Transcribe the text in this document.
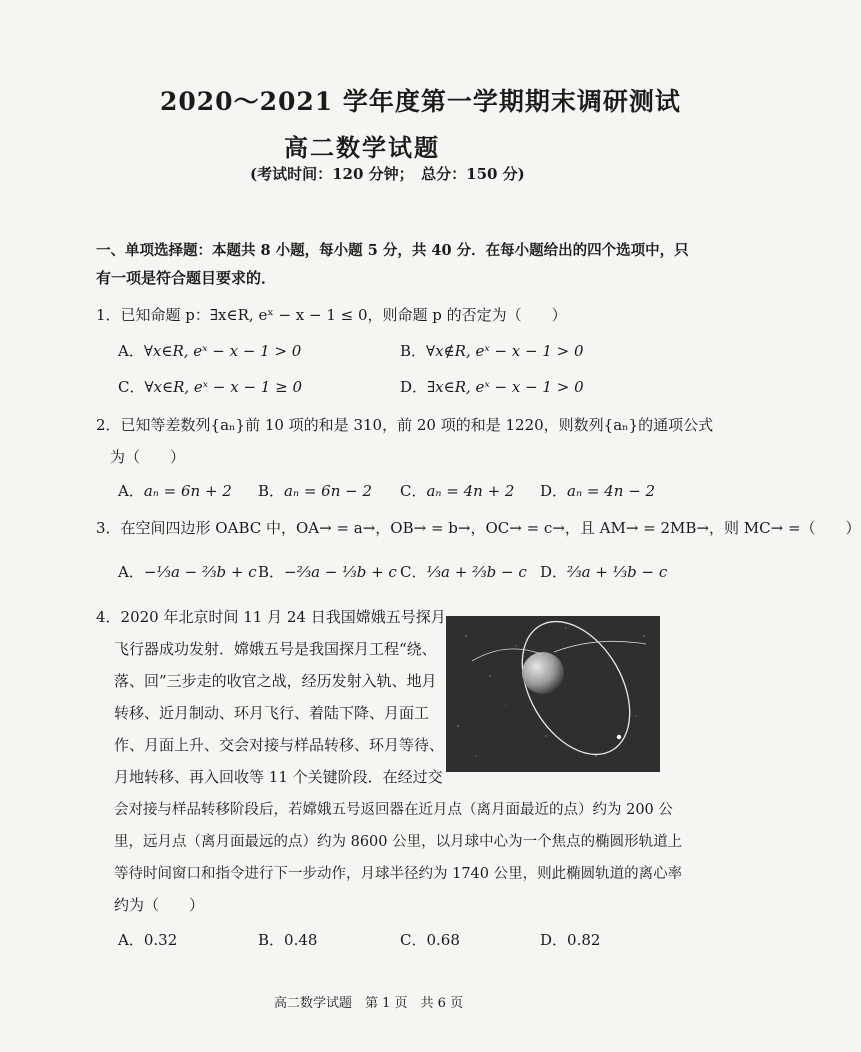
2020～2021 学年度第一学期期末调研测试
高二数学试题
(考试时间：120 分钟；　总分：150 分)
一、单项选择题：本题共 8 小题，每小题 5 分，共 40 分．在每小题给出的四个选项中，只
有一项是符合题目要求的．
1．已知命题 p：∃x∈R, eˣ − x − 1 ≤ 0，则命题 p 的否定为（　　）
A．∀x∈R, eˣ − x − 1 > 0	B．∀x∉R, eˣ − x − 1 > 0
C．∀x∈R, eˣ − x − 1 ≥ 0	D．∃x∈R, eˣ − x − 1 > 0
2．已知等差数列{aₙ}前 10 项的和是 310，前 20 项的和是 1220，则数列{aₙ}的通项公式
为（　　）
A．aₙ = 6n + 2 B．aₙ = 6n − 2 C．aₙ = 4n + 2 D．aₙ = 4n − 2
3．在空间四边形 OABC 中，OA→ = a→，OB→ = b→，OC→ = c→，且 AM→ = 2MB→，则 MC→ =（　　）
A．−⅓a − ⅔b + c B．−⅔a − ⅓b + c C．⅓a + ⅔b − c D．⅔a + ⅓b − c
4．2020 年北京时间 11 月 24 日我国嫦娥五号探月
飞行器成功发射．嫦娥五号是我国探月工程“绕、
落、回”三步走的收官之战，经历发射入轨、地月
转移、近月制动、环月飞行、着陆下降、月面工
作、月面上升、交会对接与样品转移、环月等待、
月地转移、再入回收等 11 个关键阶段．在经过交
会对接与样品转移阶段后，若嫦娥五号返回器在近月点（离月面最近的点）约为 200 公
里，远月点（离月面最远的点）约为 8600 公里，以月球中心为一个焦点的椭圆形轨道上
等待时间窗口和指令进行下一步动作，月球半径约为 1740 公里，则此椭圆轨道的离心率
约为（　　）
A．0.32	B．0.48	C．0.68	D．0.82
高二数学试题　第 1 页　共 6 页
